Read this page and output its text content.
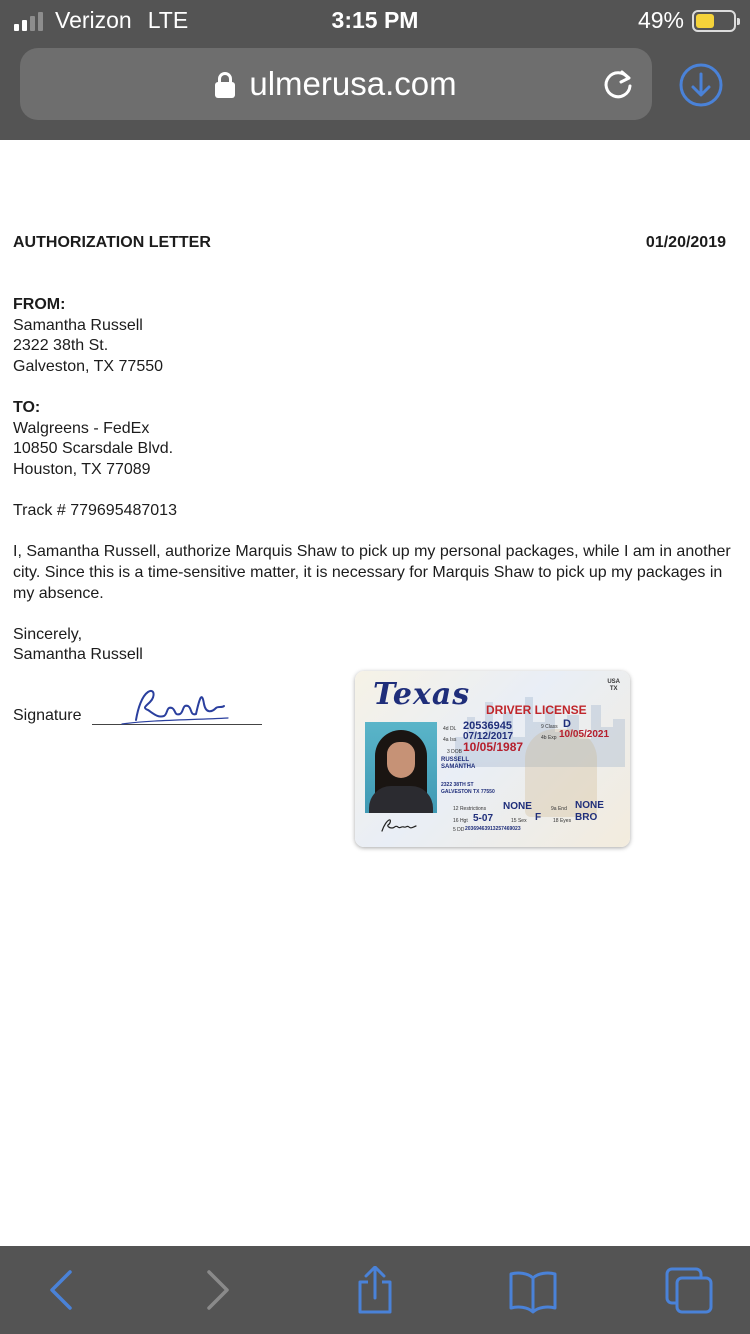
Verizon LTE	3:15 PM	49%
ulmerusa.com
AUTHORIZATION LETTER	01/20/2019
FROM:
Samantha Russell
2322 38th St.
Galveston, TX 77550
TO:
Walgreens - FedEx
10850 Scarsdale Blvd.
Houston, TX 77089
Track # 779695487013
I, Samantha Russell, authorize Marquis Shaw to pick up my personal packages, while I am in another city. Since this is a time-sensitive matter, it is necessary for Marquis Shaw to pick up my packages in my absence.
Sincerely,
Samantha Russell
Signature
Texas	USA
TX
DRIVER LICENSE
4d DL 20536945	9 Class D
4a Iss 07/12/2017	4b Exp 10/05/2021
3 DOB 10/05/1987
RUSSELL
SAMANTHA
2322 38TH ST
GALVESTON TX 77550
12 Restrictions NONE	9a End NONE
16 Hgt 5-07	15 Sex F 18 Eyes BRO
5 DD 20369463913257469023
